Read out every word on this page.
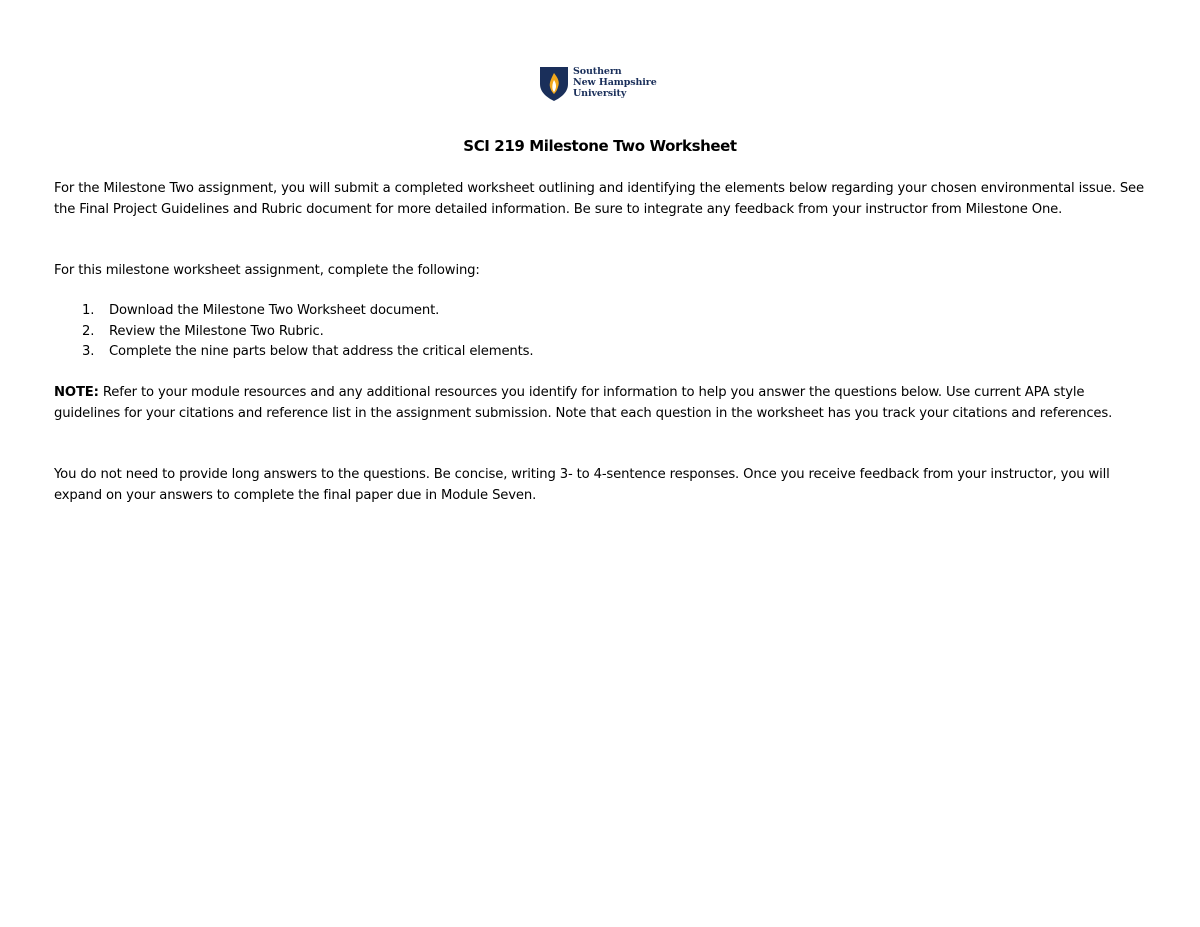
Southern
New Hampshire
University
SCI 219 Milestone Two Worksheet

For the Milestone Two assignment, you will submit a completed worksheet outlining and identifying the elements below regarding your chosen environmental issue. See the Final Project Guidelines and Rubric document for more detailed information. Be sure to integrate any feedback from your instructor from Milestone One.

For this milestone worksheet assignment, complete the following:

1.	Download the Milestone Two Worksheet document.
2.	Review the Milestone Two Rubric.
3.	Complete the nine parts below that address the critical elements.

NOTE: Refer to your module resources and any additional resources you identify for information to help you answer the questions below. Use current APA style guidelines for your citations and reference list in the assignment submission. Note that each question in the worksheet has you track your citations and references.

You do not need to provide long answers to the questions. Be concise, writing 3- to 4-sentence responses. Once you receive feedback from your instructor, you will expand on your answers to complete the final paper due in Module Seven.
